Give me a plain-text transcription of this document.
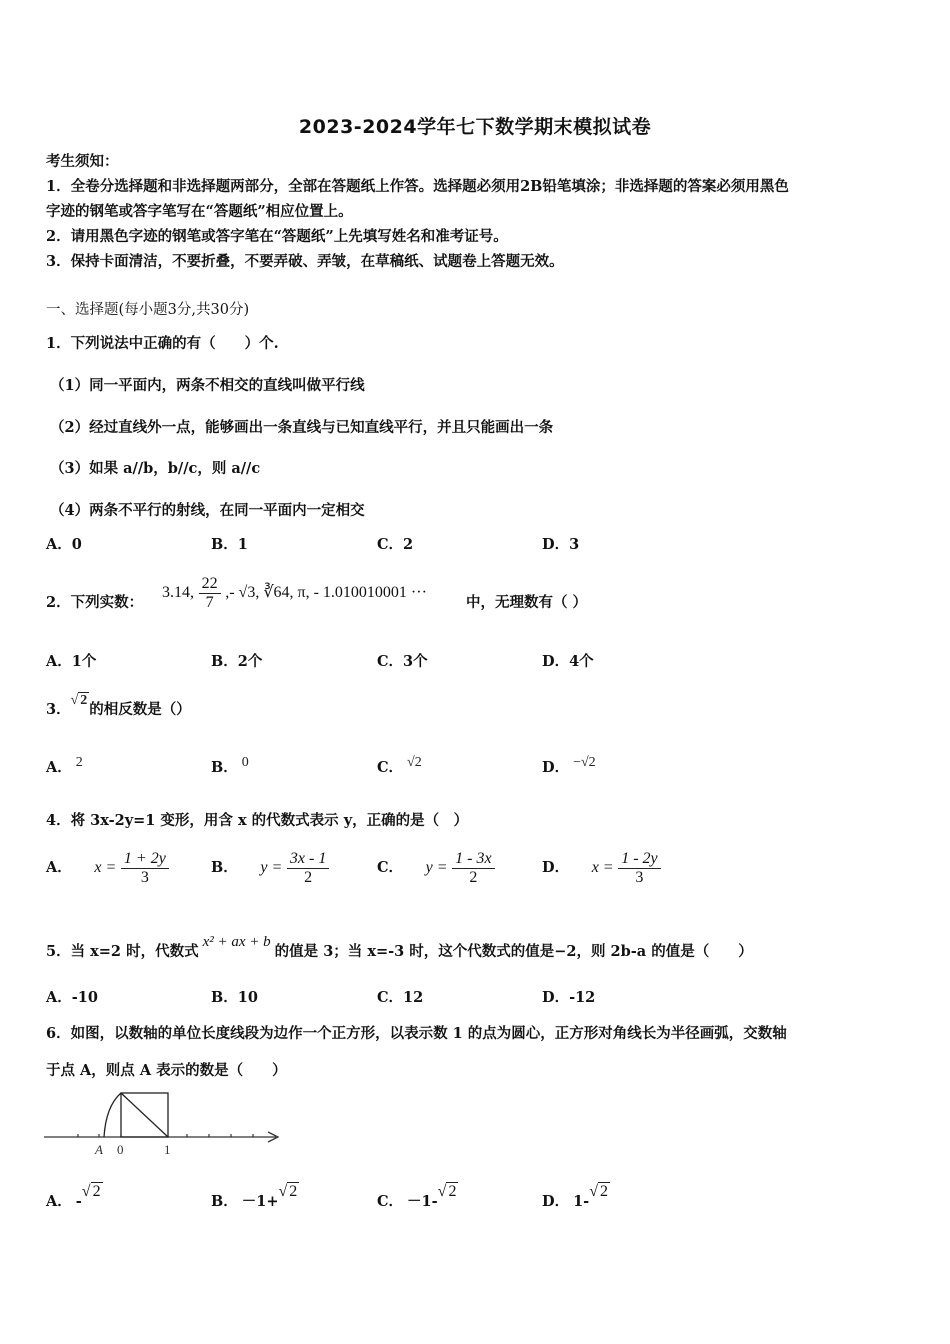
2023-2024学年七下数学期末模拟试卷
考生须知：
1．全卷分选择题和非选择题两部分，全部在答题纸上作答。选择题必须用2B铅笔填涂；非选择题的答案必须用黑色
字迹的钢笔或答字笔写在“答题纸”相应位置上。
2．请用黑色字迹的钢笔或答字笔在“答题纸”上先填写姓名和准考证号。
3．保持卡面清洁，不要折叠，不要弄破、弄皱，在草稿纸、试题卷上答题无效。
一、选择题(每小题3分,共30分)
1．下列说法中正确的有（　　）个.
（1）同一平面内，两条不相交的直线叫做平行线
（2）经过直线外一点，能够画出一条直线与已知直线平行，并且只能画出一条
（3）如果 a//b，b//c，则 a//c
（4）两条不平行的射线，在同一平面内一定相交
A．0	B．1	C．2	D．3
2．下列实数：
3.14, $\frac{22}{7}$ ,- √3, ∛64, π, - 1.010010001 ···
中，无理数有（ ）
A．1个	B．2个	C．3个	D．4个
3．√ 2的相反数是（）
A． 2	B． 0	C． √2	D． −√2
4．将 3x-2y=1 变形，用含 x 的代数式表示 y，正确的是（　）
A． $x = \frac{1 + 2y}{3}$	B． $y = \frac{3x - 1}{2}$	C． $y = \frac{1 - 3x}{2}$	D． $x = \frac{1 - 2y}{3}$
5．当 x=2 时，代数式x² + ax + b的值是 3；当 x=-3 时，这个代数式的值是−2，则 2b-a 的值是（　　）
A．-10	B．10	C．12	D．-12
6．如图，以数轴的单位长度线段为边作一个正方形，以表示数 1 的点为圆心，正方形对角线长为半径画弧，交数轴
于点 A，则点 A 表示的数是（　　）
A 0	1
A． -√ 2
B． －1+√ 2
C． －1-√ 2
D． 1-√ 2
